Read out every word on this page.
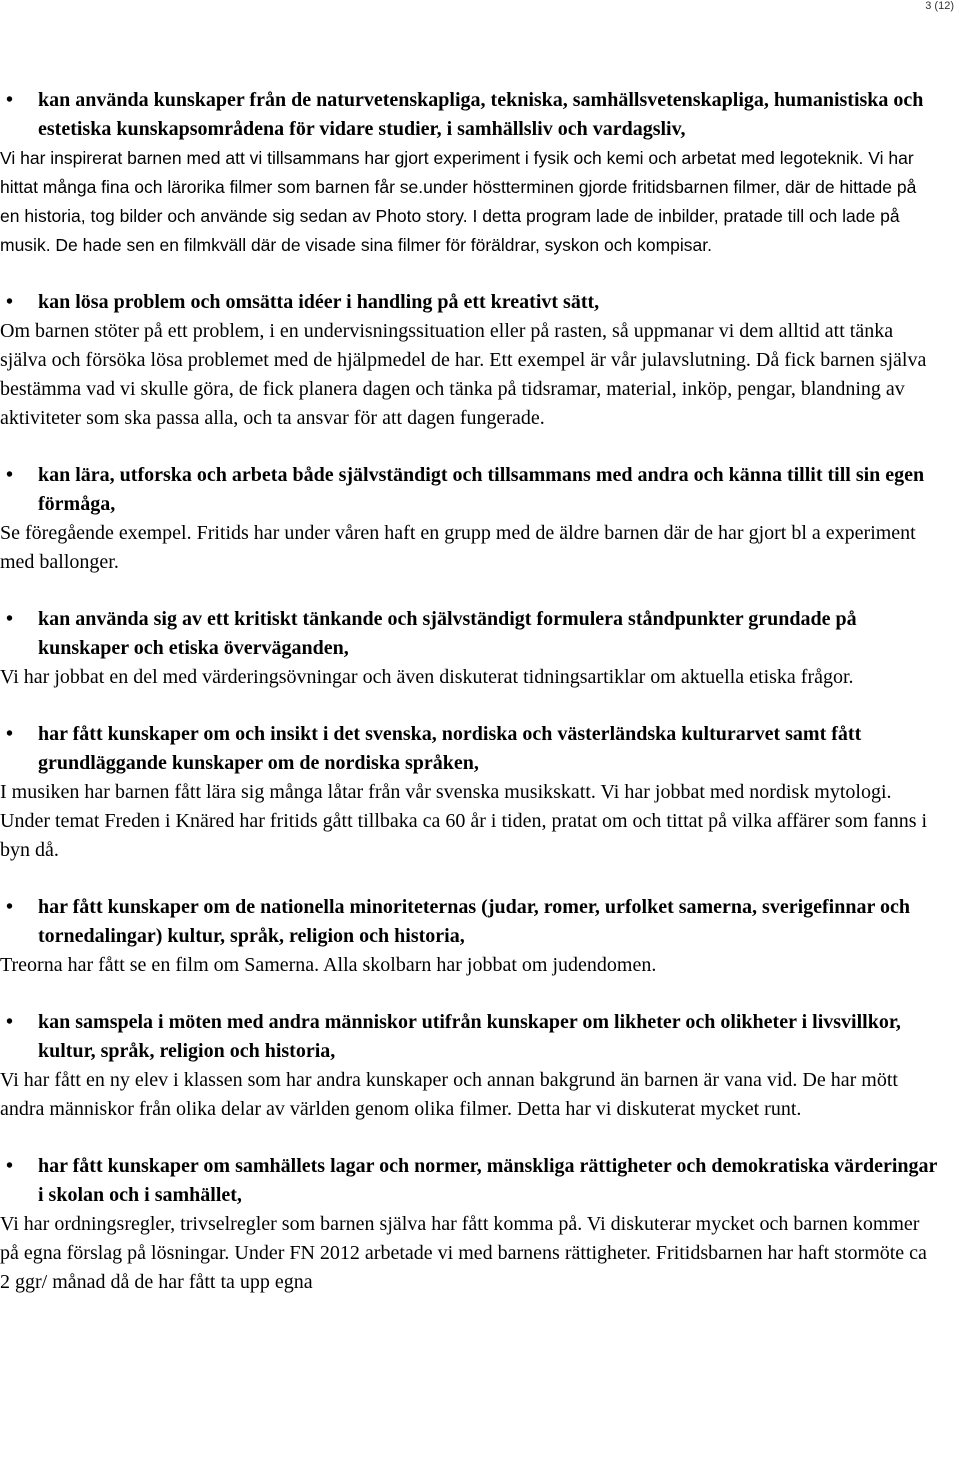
3 (12)
•	kan använda kunskaper från de naturvetenskapliga, tekniska, samhällsvetenskapliga, humanistiska och estetiska kunskapsområdena för vidare studier, i samhällsliv och vardagsliv,

Vi har inspirerat barnen med att vi tillsammans har gjort experiment i fysik och kemi och arbetat med legoteknik. Vi har hittat många fina och lärorika filmer som barnen får se.under höstterminen gjorde fritidsbarnen filmer, där de hittade på en historia, tog bilder och använde sig sedan av Photo story. I detta program lade de inbilder, pratade till och lade på musik. De hade sen en filmkväll där de visade sina filmer för föräldrar, syskon och kompisar.

•	kan lösa problem och omsätta idéer i handling på ett kreativt sätt,

Om barnen stöter på ett problem, i en undervisningssituation eller på rasten, så uppmanar vi dem alltid att tänka själva och försöka lösa problemet med de hjälpmedel de har. Ett exempel är vår julavslutning. Då fick barnen själva bestämma vad vi skulle göra, de fick planera dagen och tänka på tidsramar, material, inköp, pengar, blandning av aktiviteter som ska passa alla, och ta ansvar för att dagen fungerade.

•	kan lära, utforska och arbeta både självständigt och tillsammans med andra och känna tillit till sin egen förmåga,

Se föregående exempel. Fritids har under våren haft en grupp med de äldre barnen där de har gjort bl a experiment med ballonger.

•	kan använda sig av ett kritiskt tänkande och självständigt formulera ståndpunkter grundade på kunskaper och etiska överväganden,

Vi har jobbat en del med värderingsövningar och även diskuterat tidningsartiklar om aktuella etiska frågor.

•	har fått kunskaper om och insikt i det svenska, nordiska och västerländska kulturarvet samt fått grundläggande kunskaper om de nordiska språken,

I musiken har barnen fått lära sig många låtar från vår svenska musikskatt. Vi har jobbat med nordisk mytologi. Under temat Freden i Knäred har fritids gått tillbaka ca 60 år i tiden, pratat om och tittat på vilka affärer som fanns i byn då.

•	har fått kunskaper om de nationella minoriteternas (judar, romer, urfolket samerna, sverigefinnar och tornedalingar) kultur, språk, religion och historia,

Treorna har fått se en film om Samerna. Alla skolbarn har jobbat om judendomen.

•	kan samspela i möten med andra människor utifrån kunskaper om likheter och olikheter i livsvillkor, kultur, språk, religion och historia,

Vi har fått en ny elev i klassen som har andra kunskaper och annan bakgrund än barnen är vana vid. De har mött andra människor från olika delar av världen genom olika filmer. Detta har vi diskuterat mycket runt.

•	har fått kunskaper om samhällets lagar och normer, mänskliga rättigheter och demokratiska värderingar i skolan och i samhället,

Vi har ordningsregler, trivselregler som barnen själva har fått komma på. Vi diskuterar mycket och barnen kommer på egna förslag på lösningar. Under FN 2012 arbetade vi med barnens rättigheter. Fritidsbarnen har haft stormöte ca 2 ggr/ månad då de har fått ta upp egna
